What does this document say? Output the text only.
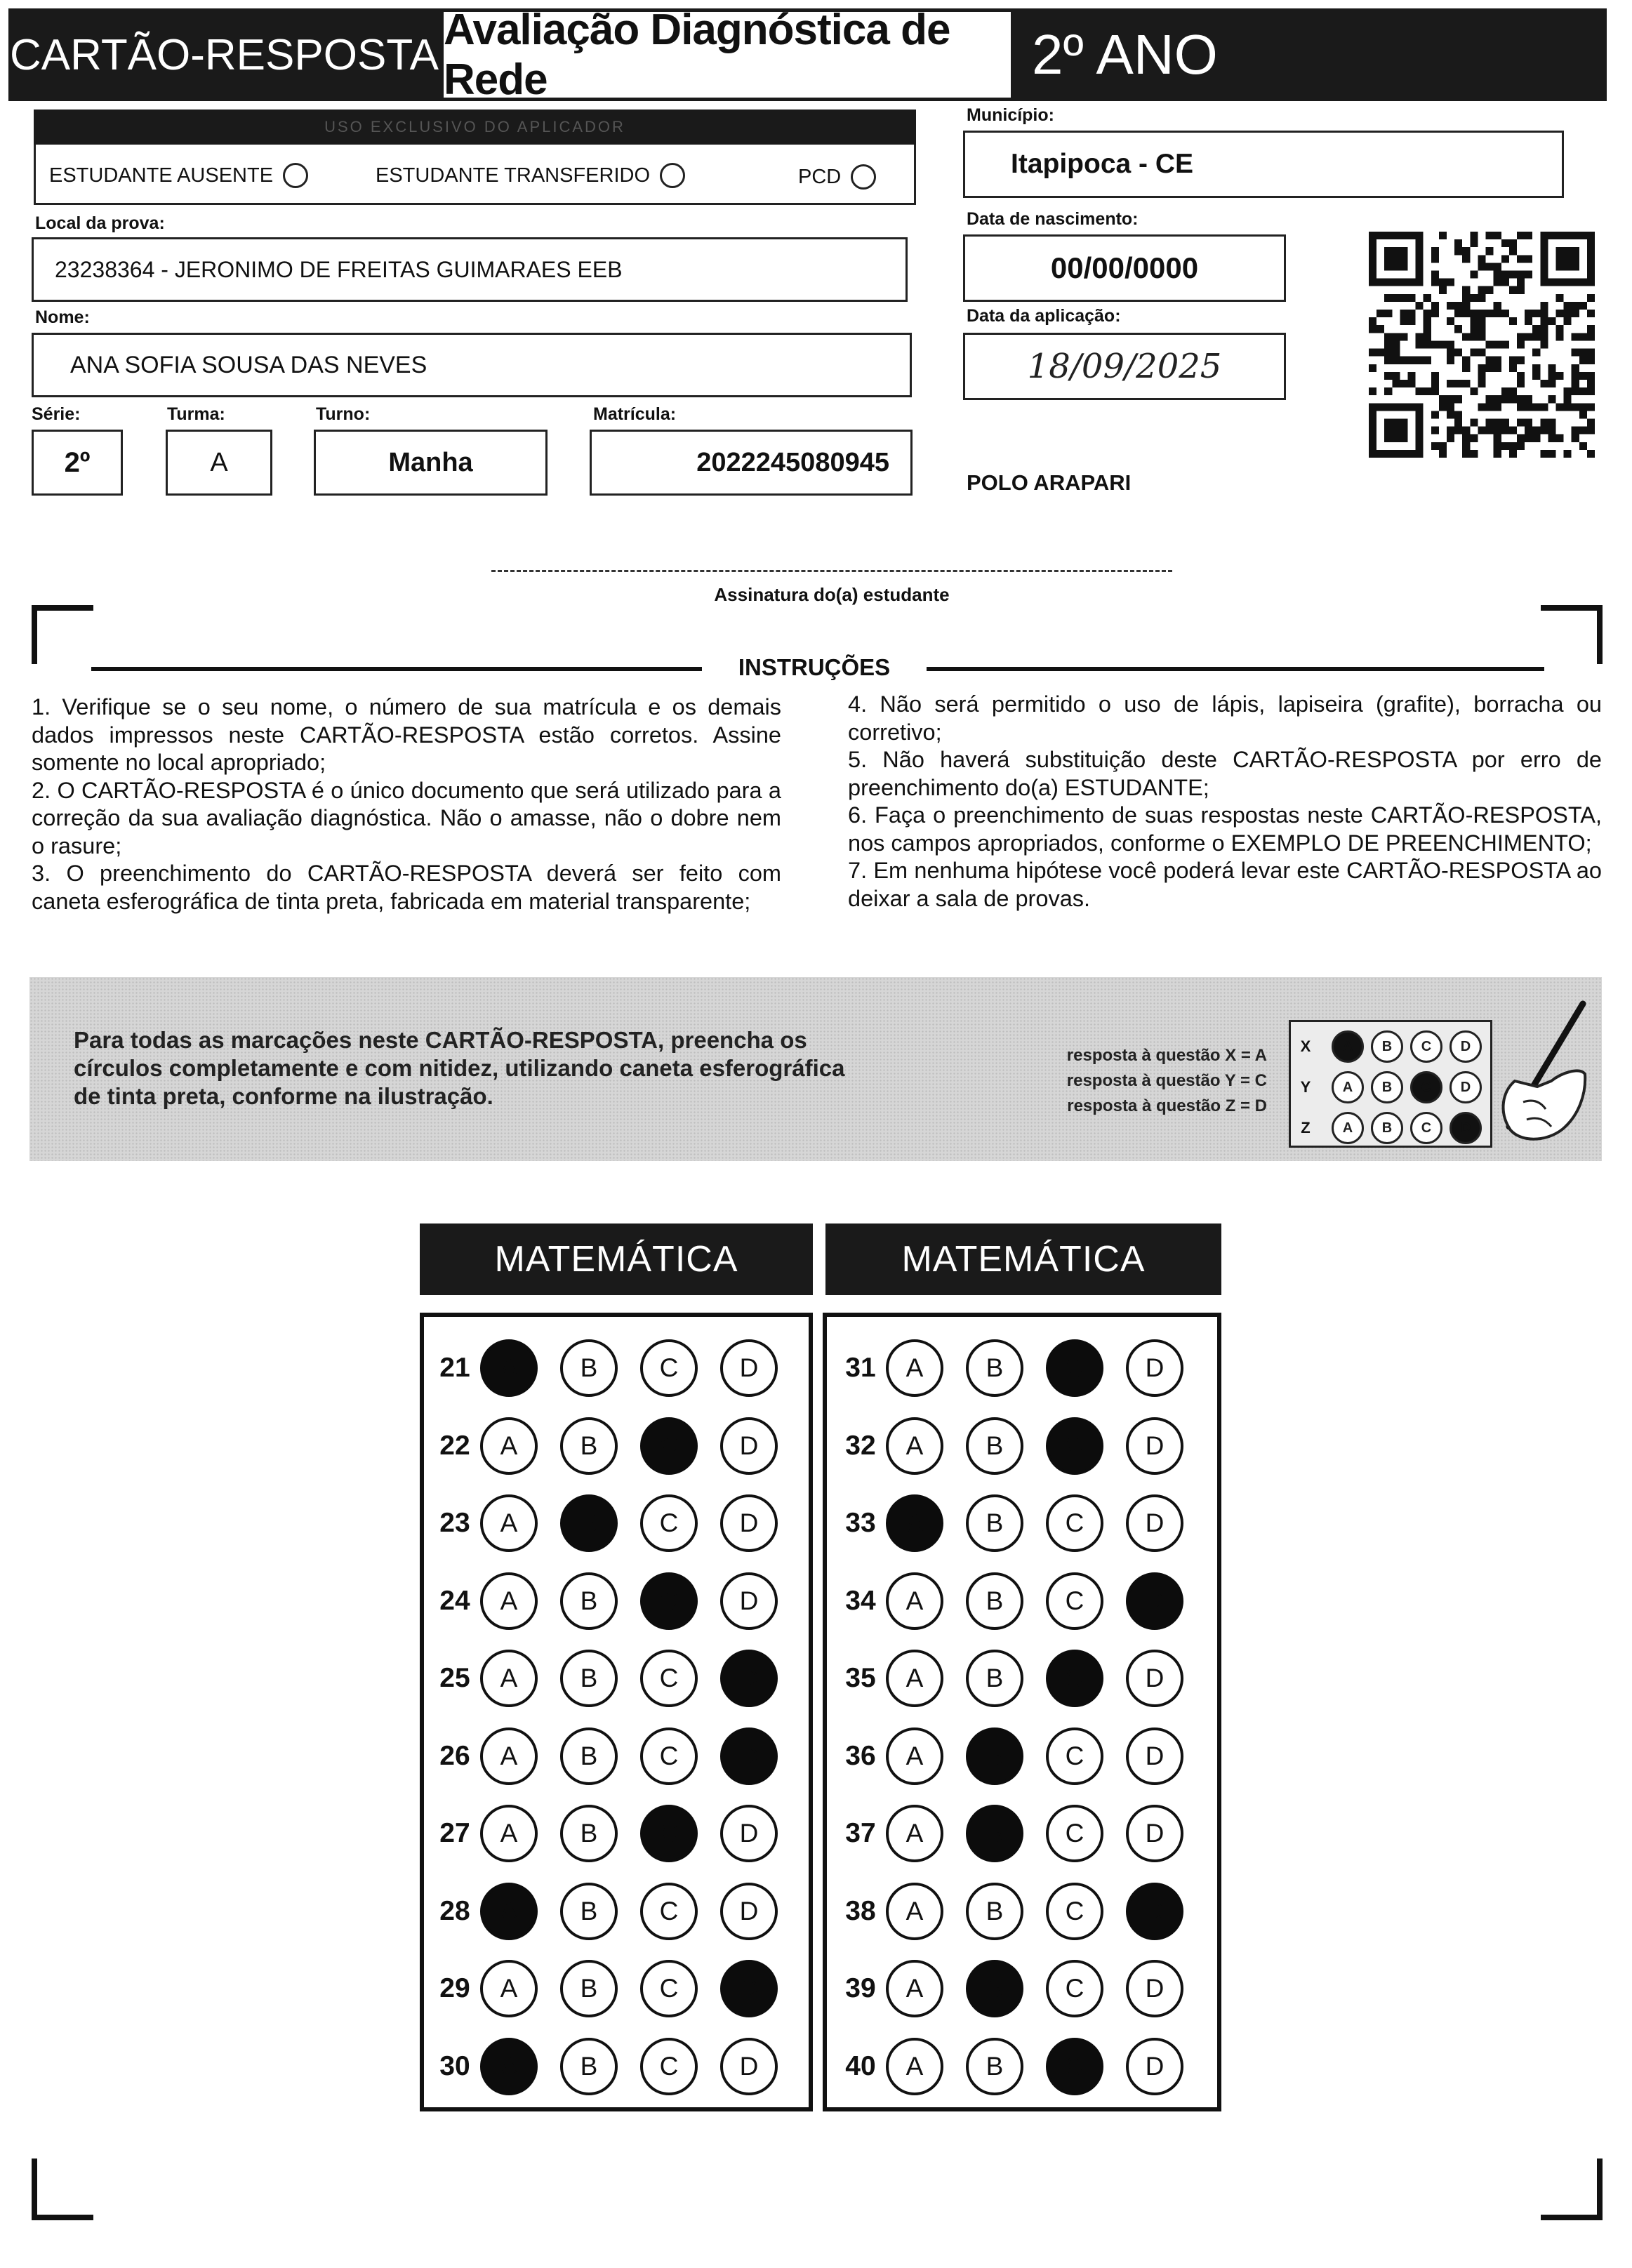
CARTÃO-RESPOSTA
Avaliação Diagnóstica de Rede	2º ANO
USO EXCLUSIVO DO APLICADOR
ESTUDANTE AUSENTE	ESTUDANTE TRANSFERIDO	PCD
Local da prova:
23238364 - JERONIMO DE FREITAS GUIMARAES EEB
Nome:
ANA SOFIA SOUSA DAS NEVES
Série:
2º
Turma:
A
Turno:
Manha
Matrícula:
2022245080945
Município:
Itapipoca - CE
Data de nascimento:
00/00/0000
Data da aplicação:
18/09/2025
POLO ARAPARI
Assinatura do(a) estudante
INSTRUÇÕES
1. Verifique se o seu nome, o número de sua matrícula e os demais dados impressos neste CARTÃO-RESPOSTA estão corretos. Assine somente no local apropriado;
2. O CARTÃO-RESPOSTA é o único documento que será utilizado para a correção da sua avaliação diagnóstica. Não o amasse, não o dobre nem o rasure;
3. O preenchimento do CARTÃO-RESPOSTA deverá ser feito com caneta esferográfica de tinta preta, fabricada em material transparente;
4. Não será permitido o uso de lápis, lapiseira (grafite), borracha ou corretivo;
5. Não haverá substituição deste CARTÃO-RESPOSTA por erro de preenchimento do(a) ESTUDANTE;
6. Faça o preenchimento de suas respostas neste CARTÃO-RESPOSTA, nos campos apropriados, conforme o EXEMPLO DE PREENCHIMENTO;
7. Em nenhuma hipótese você poderá levar este CARTÃO-RESPOSTA ao deixar a sala de provas.
Para todas as marcações neste CARTÃO-RESPOSTA, preencha os círculos completamente e com nitidez, utilizando caneta esferográfica de tinta preta, conforme na ilustração.
resposta à questão X = A
resposta à questão Y = C
resposta à questão Z = D
X	A	B	C	D
Y	A	B	C	D
Z	A	B	C	D
MATEMÁTICA	MATEMÁTICA
21	A	B	C	D
22	A	B	C	D
23	A	B	C	D
24	A	B	C	D
25	A	B	C	D
26	A	B	C	D
27	A	B	C	D
28	A	B	C	D
29	A	B	C	D
30	A	B	C	D
31	A	B	C	D
32	A	B	C	D
33	A	B	C	D
34	A	B	C	D
35	A	B	C	D
36	A	B	C	D
37	A	B	C	D
38	A	B	C	D
39	A	B	C	D
40	A	B	C	D
